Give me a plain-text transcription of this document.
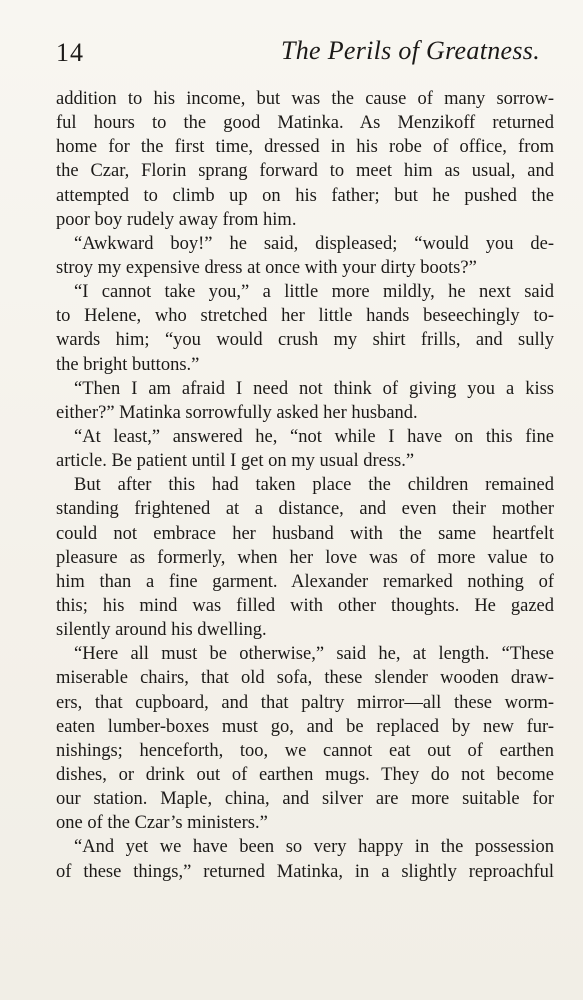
14	The Perils of Greatness.
addition to his income, but was the cause of many sorrow-
ful hours to the good Matinka. As Menzikoff returned
home for the first time, dressed in his robe of office, from
the Czar, Florin sprang forward to meet him as usual, and
attempted to climb up on his father; but he pushed the
poor boy rudely away from him.
“Awkward boy!” he said, displeased; “would you de-
stroy my expensive dress at once with your dirty boots?”
“I cannot take you,” a little more mildly, he next said
to Helene, who stretched her little hands beseechingly to-
wards him; “you would crush my shirt frills, and sully
the bright buttons.”
“Then I am afraid I need not think of giving you a kiss
either?” Matinka sorrowfully asked her husband.
“At least,” answered he, “not while I have on this fine
article. Be patient until I get on my usual dress.”
But after this had taken place the children remained
standing frightened at a distance, and even their mother
could not embrace her husband with the same heartfelt
pleasure as formerly, when her love was of more value to
him than a fine garment. Alexander remarked nothing of
this; his mind was filled with other thoughts. He gazed
silently around his dwelling.
“Here all must be otherwise,” said he, at length. “These
miserable chairs, that old sofa, these slender wooden draw-
ers, that cupboard, and that paltry mirror—all these worm-
eaten lumber-boxes must go, and be replaced by new fur-
nishings; henceforth, too, we cannot eat out of earthen
dishes, or drink out of earthen mugs. They do not become
our station. Maple, china, and silver are more suitable for
one of the Czar’s ministers.”
“And yet we have been so very happy in the possession
of these things,” returned Matinka, in a slightly reproachful
